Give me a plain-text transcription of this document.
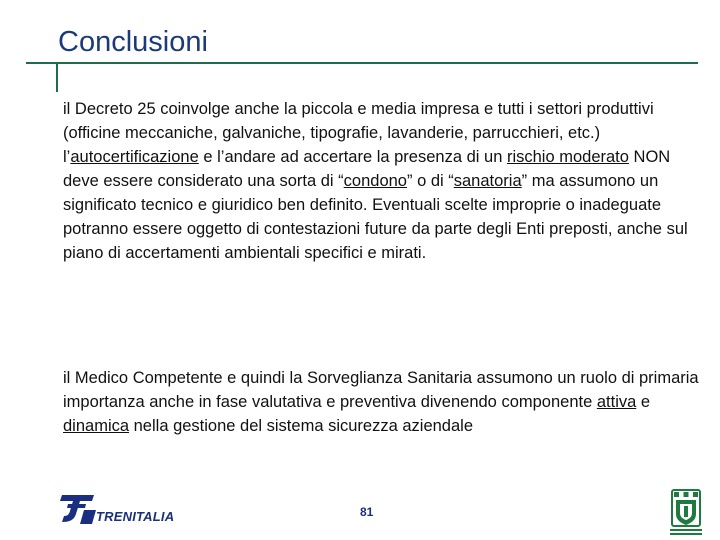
Conclusioni

il Decreto 25 coinvolge anche la piccola e media impresa e tutti i settori produttivi (officine meccaniche, galvaniche, tipografie, lavanderie, parrucchieri, etc.)

l’autocertificazione e l’andare ad accertare la presenza di un rischio moderato NON deve essere considerato una sorta di “condono” o di “sanatoria” ma assumono un significato tecnico e giuridico ben definito. Eventuali scelte improprie o inadeguate potranno essere oggetto di contestazioni future da parte degli Enti preposti, anche sul piano di accertamenti ambientali specifici e mirati.

il Medico Competente e quindi la Sorveglianza Sanitaria assumono un ruolo di primaria importanza anche in fase valutativa e preventiva divenendo componente attiva e dinamica nella gestione del sistema sicurezza aziendale

TRENITALIA	81
